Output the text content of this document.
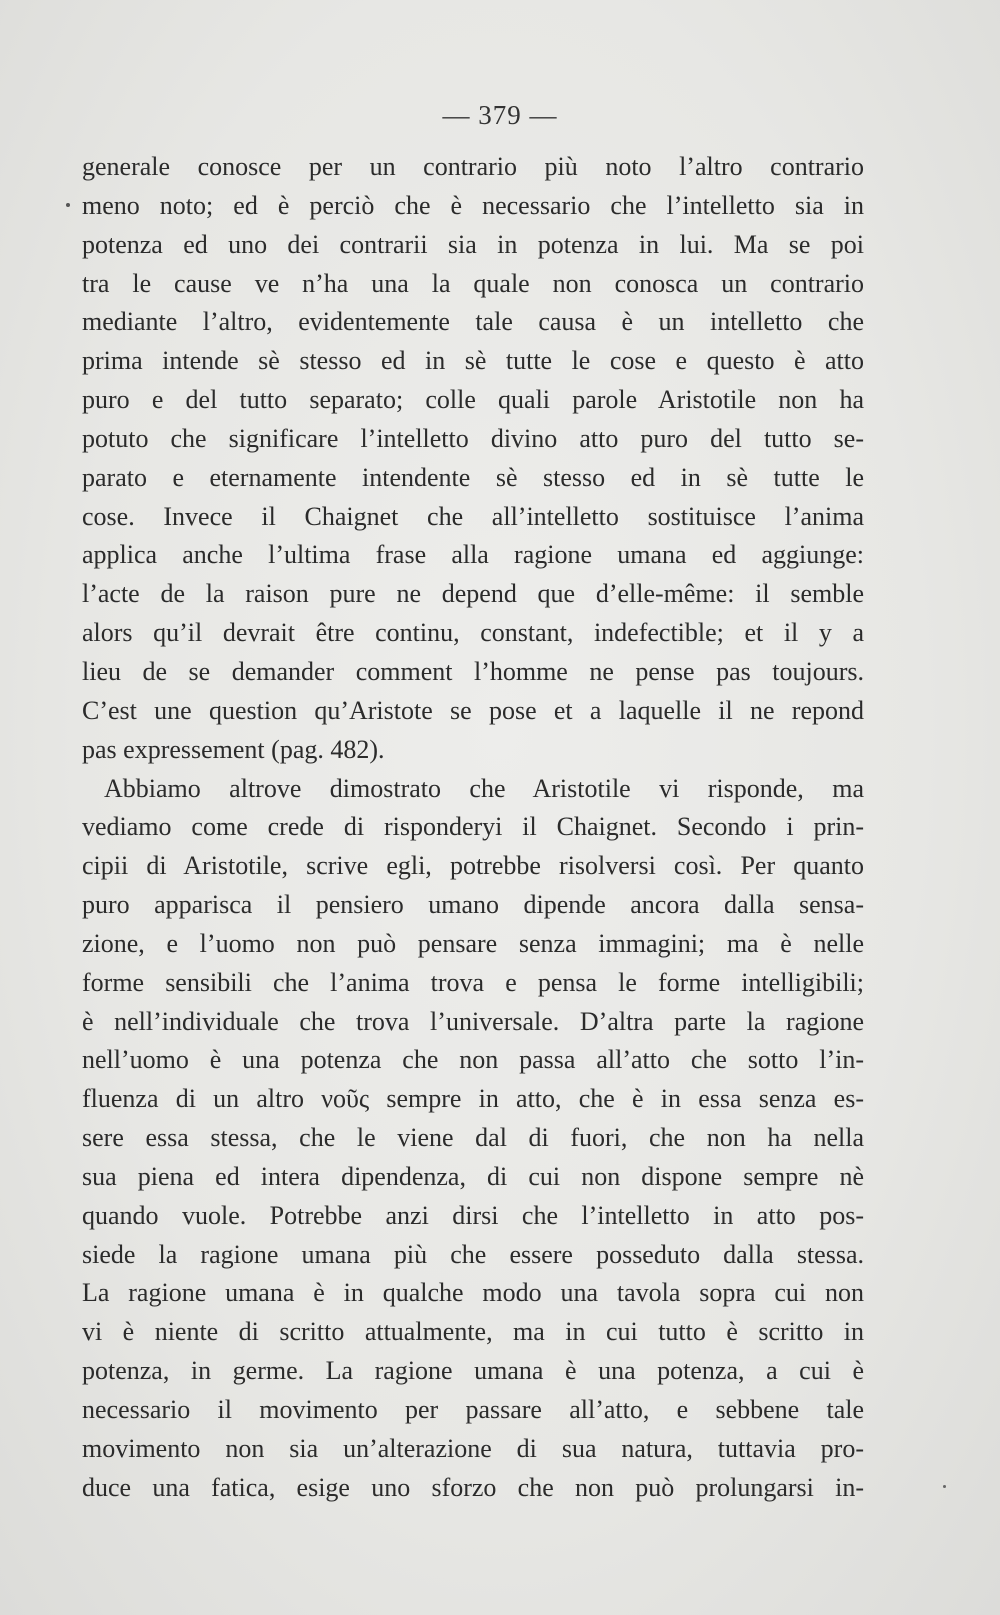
— 379 —
generale conosce per un contrario più noto l’altro contrario
meno noto; ed è perciò che è necessario che l’intelletto sia in
potenza ed uno dei contrarii sia in potenza in lui. Ma se poi
tra le cause ve n’ha una la quale non conosca un contrario
mediante l’altro, evidentemente tale causa è un intelletto che
prima intende sè stesso ed in sè tutte le cose e questo è atto
puro e del tutto separato; colle quali parole Aristotile non ha
potuto che significare l’intelletto divino atto puro del tutto se-
parato e eternamente intendente sè stesso ed in sè tutte le
cose. Invece il Chaignet che all’intelletto sostituisce l’anima
applica anche l’ultima frase alla ragione umana ed aggiunge:
l’acte de la raison pure ne depend que d’elle-même: il semble
alors qu’il devrait être continu, constant, indefectible; et il y a
lieu de se demander comment l’homme ne pense pas toujours.
C’est une question qu’Aristote se pose et a laquelle il ne repond
pas expressement (pag. 482).
Abbiamo altrove dimostrato che Aristotile vi risponde, ma
vediamo come crede di risponderyi il Chaignet. Secondo i prin-
cipii di Aristotile, scrive egli, potrebbe risolversi così. Per quanto
puro apparisca il pensiero umano dipende ancora dalla sensa-
zione, e l’uomo non può pensare senza immagini; ma è nelle
forme sensibili che l’anima trova e pensa le forme intelligibili;
è nell’individuale che trova l’universale. D’altra parte la ragione
nell’uomo è una potenza che non passa all’atto che sotto l’in-
fluenza di un altro νοῦς sempre in atto, che è in essa senza es-
sere essa stessa, che le viene dal di fuori, che non ha nella
sua piena ed intera dipendenza, di cui non dispone sempre nè
quando vuole. Potrebbe anzi dirsi che l’intelletto in atto pos-
siede la ragione umana più che essere posseduto dalla stessa.
La ragione umana è in qualche modo una tavola sopra cui non
vi è niente di scritto attualmente, ma in cui tutto è scritto in
potenza, in germe. La ragione umana è una potenza, a cui è
necessario il movimento per passare all’atto, e sebbene tale
movimento non sia un’alterazione di sua natura, tuttavia pro-
duce una fatica, esige uno sforzo che non può prolungarsi in-
